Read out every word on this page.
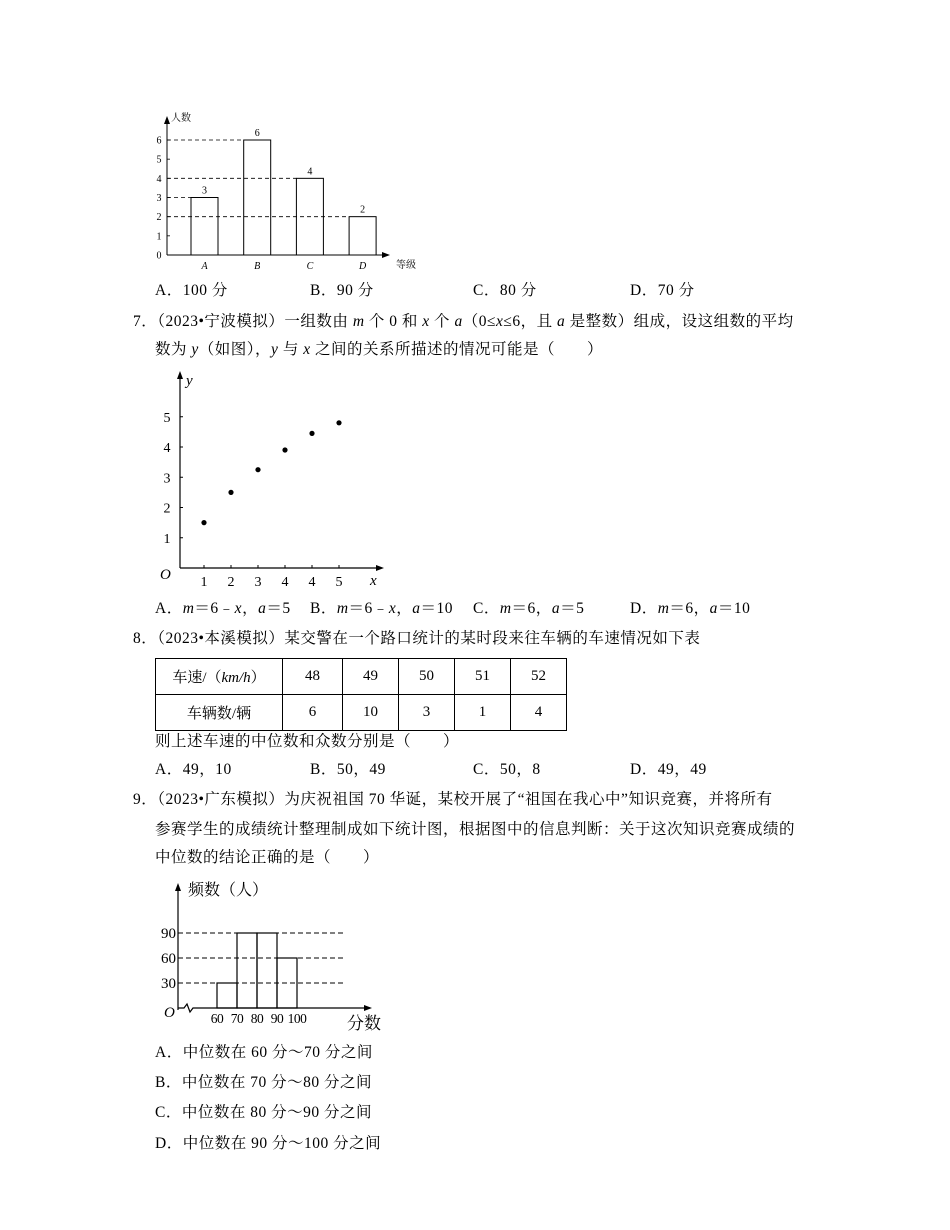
3
A
6
B
4
C
2
D
0
1
2
3
4
5
6
人数
等级
A．100 分	B．90 分	C．80 分	D．70 分
7．（2023•宁波模拟）一组数由 m 个 0 和 x 个 a（0≤x≤6，且 a 是整数）组成，设这组数的平均
数为 y（如图），y 与 x 之间的关系所描述的情况可能是（　　）
1
2
3
4
5
1 2 3 4 4 5
O	x
y
A．m＝6﹣x，a＝5 B．m＝6﹣x，a＝10 C．m＝6，a＝5	D．m＝6，a＝10
8．（2023•本溪模拟）某交警在一个路口统计的某时段来往车辆的车速情况如下表
车速/（km/h）	48	49	50	51	52
车辆数/辆	6	10	3	1	4
则上述车速的中位数和众数分别是（　　）
A．49，10	B．50，49	C．50，8	D．49，49
9．（2023•广东模拟）为庆祝祖国 70 华诞，某校开展了“祖国在我心中”知识竞赛，并将所有
参赛学生的成绩统计整理制成如下统计图，根据图中的信息判断：关于这次知识竞赛成绩的
中位数的结论正确的是（　　）
30
60
90
60 70 80 90 100
O
频数（人）
分数
A．中位数在 60 分～70 分之间
B．中位数在 70 分～80 分之间
C．中位数在 80 分～90 分之间
D．中位数在 90 分～100 分之间
